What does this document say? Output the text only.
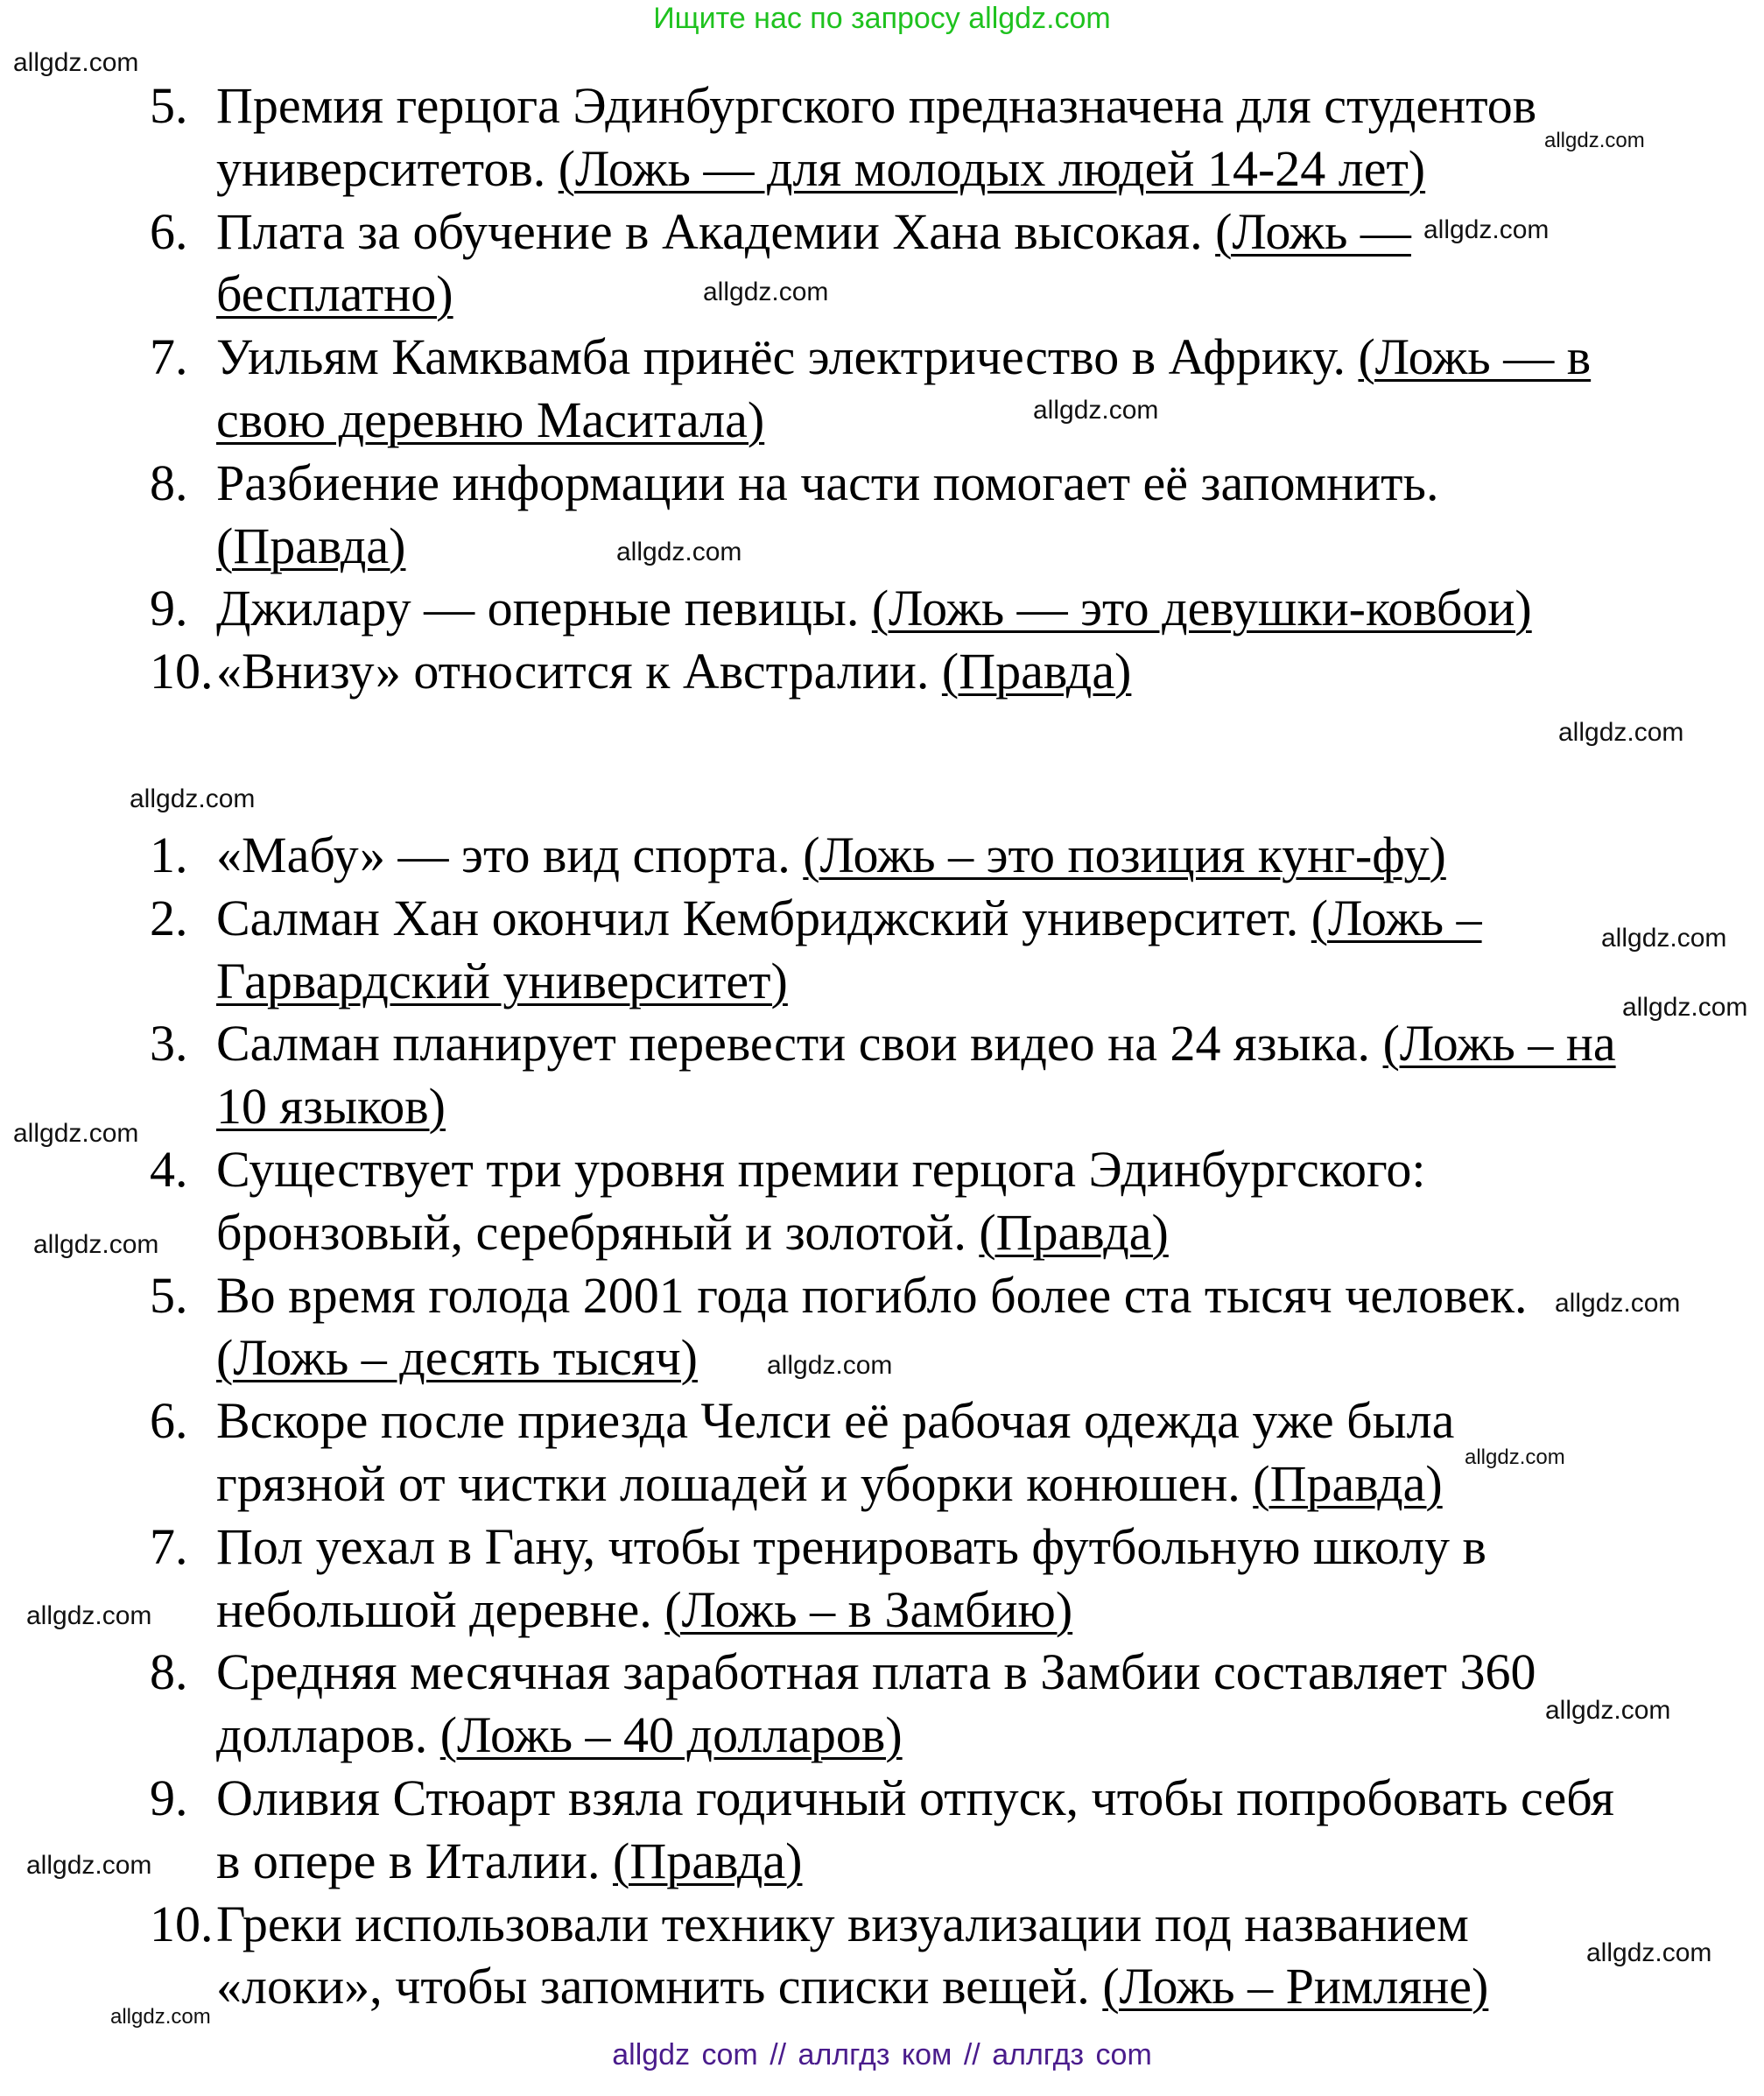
Ищите нас по запросу allgdz.com
5. Премия герцога Эдинбургского предназначена для студентов
университетов. (Ложь — для молодых людей 14-24 лет)
6. Плата за обучение в Академии Хана высокая. (Ложь —
бесплатно)
7. Уильям Камквамба принёс электричество в Африку. (Ложь — в
свою деревню Маситала)
8. Разбиение информации на части помогает её запомнить.
(Правда)
9. Джилару — оперные певицы. (Ложь — это девушки-ковбои)
10. «Внизу» относится к Австралии. (Правда)
1. «Мабу» — это вид спорта. (Ложь – это позиция кунг-фу)
2. Салман Хан окончил Кембриджский университет. (Ложь –
Гарвардский университет)
3. Салман планирует перевести свои видео на 24 языка. (Ложь – на
10 языков)
4. Существует три уровня премии герцога Эдинбургского:
бронзовый, серебряный и золотой. (Правда)
5. Во время голода 2001 года погибло более ста тысяч человек.
(Ложь – десять тысяч)
6. Вскоре после приезда Челси её рабочая одежда уже была
грязной от чистки лошадей и уборки конюшен. (Правда)
7. Пол уехал в Гану, чтобы тренировать футбольную школу в
небольшой деревне. (Ложь – в Замбию)
8. Средняя месячная заработная плата в Замбии составляет 360
долларов. (Ложь – 40 долларов)
9. Оливия Стюарт взяла годичный отпуск, чтобы попробовать себя
в опере в Италии. (Правда)
10. Греки использовали технику визуализации под названием
«локи», чтобы запомнить списки вещей. (Ложь – Римляне)
allgdz.com
allgdz.com
allgdz.com
allgdz.com
allgdz.com
allgdz.com
allgdz.com
allgdz.com
allgdz.com
allgdz.com
allgdz.com
allgdz.com
allgdz.com
allgdz.com
allgdz.com
allgdz.com
allgdz.com
allgdz.com
allgdz.com
allgdz.com
allgdz com // аллгдз ком // аллгдз com
